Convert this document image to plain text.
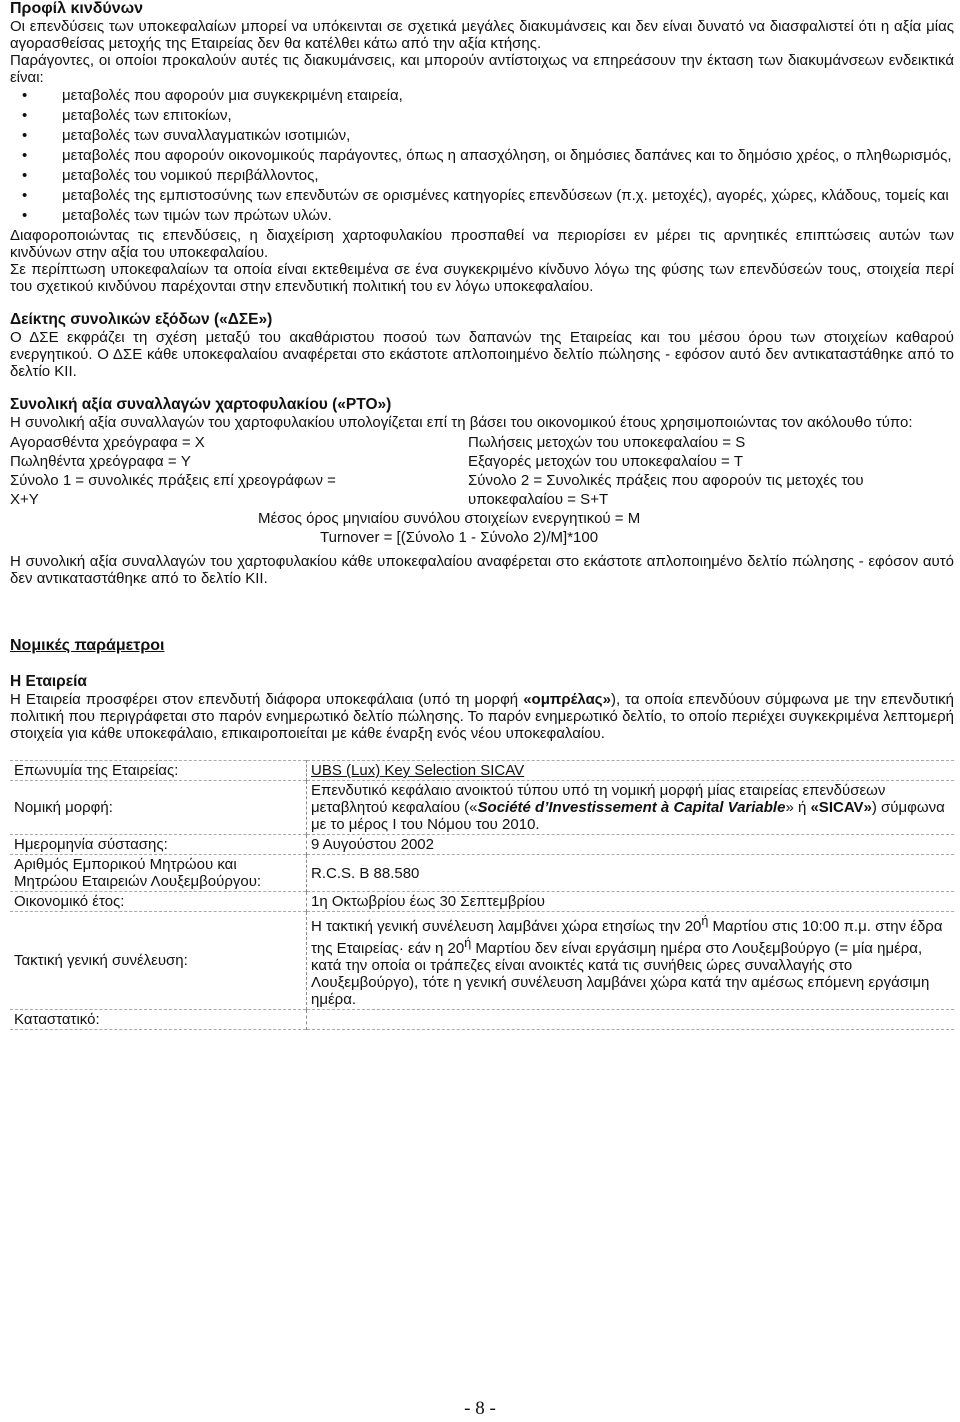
Προφίλ κινδύνων

Οι επενδύσεις των υποκεφαλαίων μπορεί να υπόκεινται σε σχετικά μεγάλες διακυμάνσεις και δεν είναι δυνατό να διασφαλιστεί ότι η αξία μίας αγορασθείσας μετοχής της Εταιρείας δεν θα κατέλθει κάτω από την αξία κτήσης.

Παράγοντες, οι οποίοι προκαλούν αυτές τις διακυμάνσεις, και μπορούν αντίστοιχως να επηρεάσουν την έκταση των διακυμάνσεων ενδεικτικά είναι:

• μεταβολές που αφορούν μια συγκεκριμένη εταιρεία,
• μεταβολές των επιτοκίων,
• μεταβολές των συναλλαγματικών ισοτιμιών,
• μεταβολές που αφορούν οικονομικούς παράγοντες, όπως η απασχόληση, οι δημόσιες δαπάνες και το δημόσιο χρέος, ο πληθωρισμός,
• μεταβολές του νομικού περιβάλλοντος,
• μεταβολές της εμπιστοσύνης των επενδυτών σε ορισμένες κατηγορίες επενδύσεων (π.χ. μετοχές), αγορές, χώρες, κλάδους, τομείς και
• μεταβολές των τιμών των πρώτων υλών.

Διαφοροποιώντας τις επενδύσεις, η διαχείριση χαρτοφυλακίου προσπαθεί να περιορίσει εν μέρει τις αρνητικές επιπτώσεις αυτών των κινδύνων στην αξία του υποκεφαλαίου.

Σε περίπτωση υποκεφαλαίων τα οποία είναι εκτεθειμένα σε ένα συγκεκριμένο κίνδυνο λόγω της φύσης των επενδύσεών τους, στοιχεία περί του σχετικού κινδύνου παρέχονται στην επενδυτική πολιτική του εν λόγω υποκεφαλαίου.

Δείκτης συνολικών εξόδων («ΔΣΕ»)

Ο ΔΣΕ εκφράζει τη σχέση μεταξύ του ακαθάριστου ποσού των δαπανών της Εταιρείας και του μέσου όρου των στοιχείων καθαρού ενεργητικού. Ο ΔΣΕ κάθε υποκεφαλαίου αναφέρεται στο εκάστοτε απλοποιημένο δελτίο πώλησης - εφόσον αυτό δεν αντικαταστάθηκε από το δελτίο KII.

Συνολική αξία συναλλαγών χαρτοφυλακίου («PTO»)

Η συνολική αξία συναλλαγών του χαρτοφυλακίου υπολογίζεται επί τη βάσει του οικονομικού έτους χρησιμοποιώντας τον ακόλουθο τύπο:

Αγορασθέντα χρεόγραφα = X
Πωληθέντα χρεόγραφα = Y
Σύνολο 1 = συνολικές πράξεις επί χρεογράφων =
X+Y
Πωλήσεις μετοχών του υποκεφαλαίου = S
Εξαγορές μετοχών του υποκεφαλαίου = T
Σύνολο 2 = Συνολικές πράξεις που αφορούν τις μετοχές του
υποκεφαλαίου = S+T
Μέσος όρος μηνιαίου συνόλου στοιχείων ενεργητικού = M
Turnover = [(Σύνολο 1 - Σύνολο 2)/M]*100

Η συνολική αξία συναλλαγών του χαρτοφυλακίου κάθε υποκεφαλαίου αναφέρεται στο εκάστοτε απλοποιημένο δελτίο πώλησης - εφόσον αυτό δεν αντικαταστάθηκε από το δελτίο KII.

Νομικές παράμετροι
Η Εταιρεία

Η Εταιρεία προσφέρει στον επενδυτή διάφορα υποκεφάλαια (υπό τη μορφή «ομπρέλας»), τα οποία επενδύουν σύμφωνα με την επενδυτική πολιτική που περιγράφεται στο παρόν ενημερωτικό δελτίο πώλησης. Το παρόν ενημερωτικό δελτίο, το οποίο περιέχει συγκεκριμένα λεπτομερή στοιχεία για κάθε υποκεφάλαιο, επικαιροποιείται με κάθε έναρξη ενός νέου υποκεφαλαίου.

Επωνυμία της Εταιρείας:	UBS (Lux) Key Selection SICAV
Νομική μορφή:	Επενδυτικό κεφάλαιο ανοικτού τύπου υπό τη νομική μορφή μίας εταιρείας επενδύσεων μεταβλητού κεφαλαίου («Société d’Investissement à Capital Variable» ή «SICAV») σύμφωνα με το μέρος I του Νόμου του 2010.
Ημερομηνία σύστασης:	9 Αυγούστου 2002
Αριθμός Εμπορικού Μητρώου και Μητρώου Εταιρειών Λουξεμβούργου:	R.C.S. B 88.580
Οικονομικό έτος:	1η Οκτωβρίου έως 30 Σεπτεμβρίου
Τακτική γενική συνέλευση:	Η τακτική γενική συνέλευση λαμβάνει χώρα ετησίως την $20^ή$ Μαρτίου στις 10:00 π.μ. στην έδρα της Εταιρείας· εάν η $20^ή$ Μαρτίου δεν είναι εργάσιμη ημέρα στο Λουξεμβούργο (= μία ημέρα, κατά την οποία οι τράπεζες είναι ανοικτές κατά τις συνήθεις ώρες συναλλαγής στο Λουξεμβούργο), τότε η γενική συνέλευση λαμβάνει χώρα κατά την αμέσως επόμενη εργάσιμη ημέρα.
Καταστατικό:	
- 8 -
